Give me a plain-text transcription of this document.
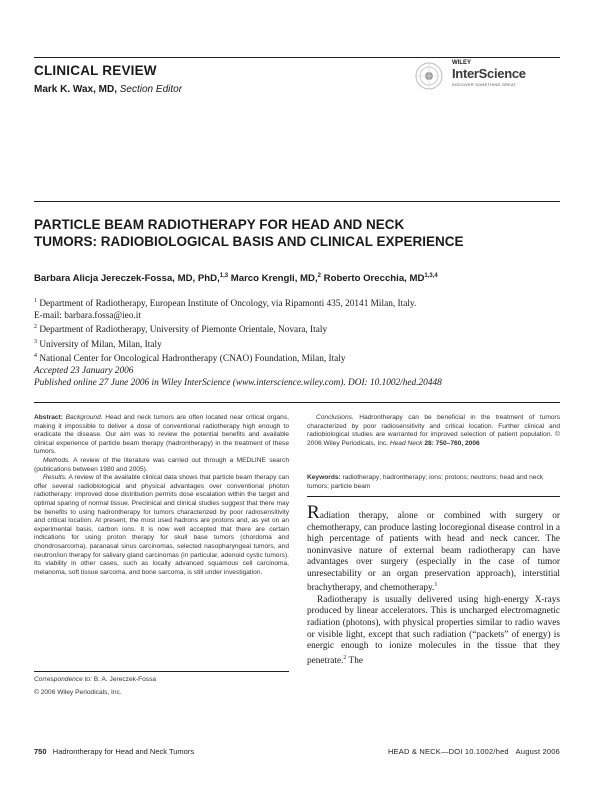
CLINICAL REVIEW
Mark K. Wax, MD, Section Editor
WILEY
InterScience
DISCOVER SOMETHING GREAT
PARTICLE BEAM RADIOTHERAPY FOR HEAD AND NECK TUMORS: RADIOBIOLOGICAL BASIS AND CLINICAL EXPERIENCE
Barbara Alicja Jereczek-Fossa, MD, PhD,$^{1,3}$ Marco Krengli, MD,$^2$ Roberto Orecchia, MD$^{1,3,4}$
$^1$ Department of Radiotherapy, European Institute of Oncology, via Ripamonti 435, 20141 Milan, Italy.
E-mail: barbara.fossa@ieo.it
$^2$ Department of Radiotherapy, University of Piemonte Orientale, Novara, Italy
$^3$ University of Milan, Milan, Italy
$^4$ National Center for Oncological Hadrontherapy (CNAO) Foundation, Milan, Italy
Accepted 23 January 2006
Published online 27 June 2006 in Wiley InterScience (www.interscience.wiley.com). DOI: 10.1002/hed.20448

Abstract: Background. Head and neck tumors are often located near critical organs, making it impossible to deliver a dose of conventional radiotherapy high enough to eradicate the disease. Our aim was to review the potential benefits and available clinical experience of particle beam therapy (hadrontherapy) in the treatment of these tumors.

Methods. A review of the literature was carried out through a MEDLINE search (publications between 1980 and 2005).

Results. A review of the available clinical data shows that particle beam therapy can offer several radiobiological and physical advantages over conventional photon radiotherapy: improved dose distribution permits dose escalation within the target and optimal sparing of normal tissue. Preclinical and clinical studies suggest that there may be benefits to using hadrontherapy for tumors characterized by poor radiosensitivity and critical location. At present, the most used hadrons are protons and, as yet on an experimental basis, carbon ions. It is now well accepted that there are certain indications for using proton therapy for skull base tumors (chordoma and chondrosarcoma), paranasal sinus carcinomas, selected nasopharyngeal tumors, and neutron/ion therapy for salivary gland carcinomas (in particular, adenoid cystic tumors). Its viability in other cases, such as locally advanced squamous cell carcinoma, melanoma, soft tissue sarcoma, and bone sarcoma, is still under investigation.

Correspondence to: B. A. Jereczek-Fossa

© 2006 Wiley Periodicals, Inc.

Conclusions. Hadrontherapy can be beneficial in the treatment of tumors characterized by poor radiosensitivity and critical location. Further clinical and radiobiological studies are warranted for improved selection of patient population. © 2006 Wiley Periodicals, Inc. Head Neck 28: 750–760, 2006

Keywords: radiotherapy; hadrontherapy; ions; protons; neutrons; head and neck tumors; particle beam

Radiation therapy, alone or combined with surgery or chemotherapy, can produce lasting locoregional disease control in a high percentage of patients with head and neck cancer. The noninvasive nature of external beam radiotherapy can have advantages over surgery (especially in the case of tumor unresectability or an organ preservation approach), interstitial brachytherapy, and chemotherapy.$^1$

Radiotherapy is usually delivered using high-energy X-rays produced by linear accelerators. This is uncharged electromagnetic radiation (photons), with physical properties similar to radio waves or visible light, except that such radiation (“packets” of energy) is energic enough to ionize molecules in the tissue that they penetrate.$^2$ The

750 Hadrontherapy for Head and Neck Tumors	HEAD & NECK—DOI 10.1002/hed August 2006
